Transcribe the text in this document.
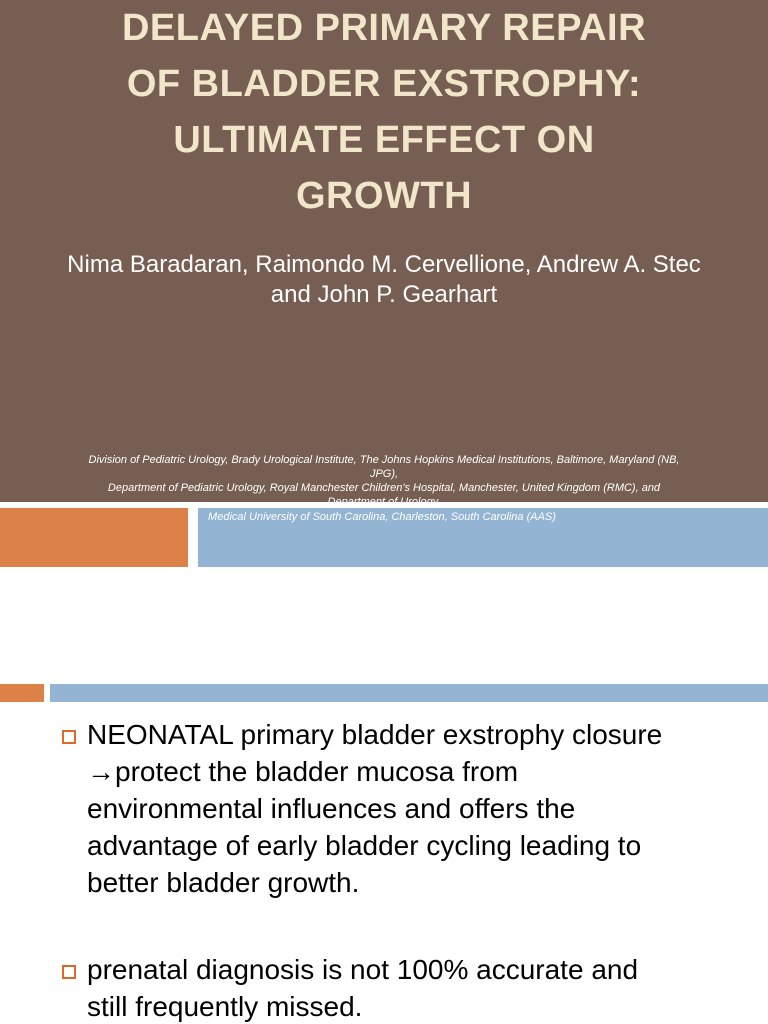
DELAYED PRIMARY REPAIR
OF BLADDER EXSTROPHY:
ULTIMATE EFFECT ON
GROWTH
Nima Baradaran, Raimondo M. Cervellione, Andrew A. Stec and John P. Gearhart
Division of Pediatric Urology, Brady Urological Institute, The Johns Hopkins Medical Institutions, Baltimore, Maryland (NB,
JPG),
Department of Pediatric Urology, Royal Manchester Children's Hospital, Manchester, United Kingdom (RMC), and
Department of Urology,
Medical University of South Carolina, Charleston, South Carolina (AAS)
NEONATAL primary bladder exstrophy closure
→protect the bladder mucosa from
environmental influences and offers the
advantage of early bladder cycling leading to
better bladder growth.
prenatal diagnosis is not 100% accurate and
still frequently missed.
